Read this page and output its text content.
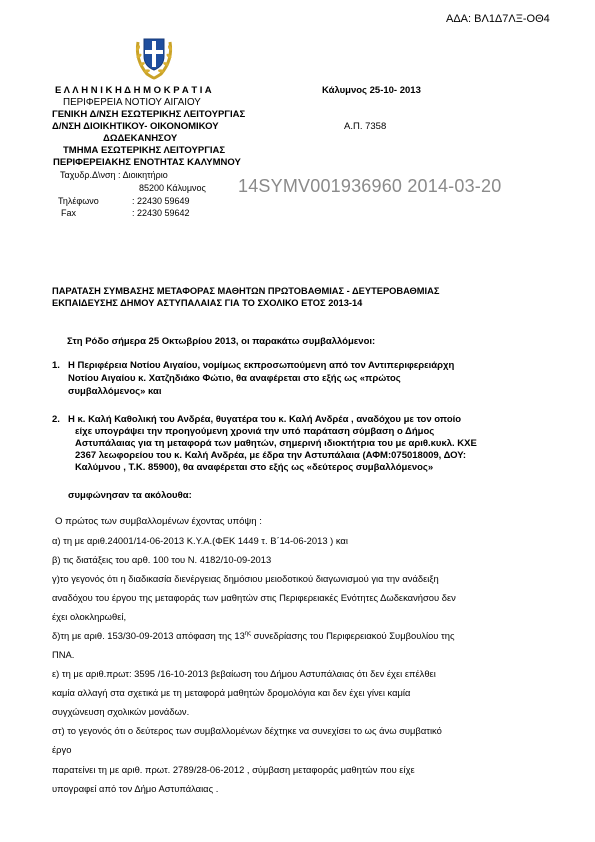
ΑΔΑ: ΒΛ1Δ7ΛΞ-ΟΘ4
Ε Λ Λ Η Ν Ι Κ Η Δ Η Μ Ο Κ Ρ Α Τ Ι Α
ΠΕΡΙΦΕΡΕΙΑ ΝΟΤΙΟΥ ΑΙΓΑΙΟΥ
ΓΕΝΙΚΗ Δ/ΝΣΗ ΕΣΩΤΕΡΙΚΗΣ ΛΕΙΤΟΥΡΓΙΑΣ
Δ/ΝΣΗ ΔΙΟΙΚΗΤΙΚΟΥ- ΟΙΚΟΝΟΜΙΚΟΥ
ΔΩΔΕΚΑΝΗΣΟΥ
ΤΜΗΜΑ ΕΣΩΤΕΡΙΚΗΣ ΛΕΙΤΟΥΡΓΙΑΣ
ΠΕΡΙΦΕΡΕΙΑΚΗΣ ΕΝΟΤΗΤΑΣ ΚΑΛΥΜΝΟΥ
Κάλυμνος 25-10- 2013
Α.Π. 7358
Ταχυδρ.Δ\νση : Διοικητήριο
85200 Κάλυμνος
Τηλέφωνο	: 22430 59649
Fax	: 22430 59642
14SYMV001936960 2014-03-20
ΠΑΡΑΤΑΣΗ ΣΥΜΒΑΣΗΣ ΜΕΤΑΦΟΡΑΣ ΜΑΘΗΤΩΝ ΠΡΩΤΟΒΑΘΜΙΑΣ - ΔΕΥΤΕΡΟΒΑΘΜΙΑΣ
ΕΚΠΑΙΔΕΥΣΗΣ ΔΗΜΟΥ ΑΣΤΥΠΑΛΑΙΑΣ ΓΙΑ ΤΟ ΣΧΟΛΙΚΟ ΕΤΟΣ 2013-14
Στη Ρόδο σήμερα 25 Οκτωβρίου 2013, οι παρακάτω συμβαλλόμενοι:
1. Η Περιφέρεια Νοτίου Αιγαίου, νομίμως εκπροσωπούμενη από τον Αντιπεριφερειάρχη
Νοτίου Αιγαίου κ. Χατζηδιάκο Φώτιο, θα αναφέρεται στο εξής ως «πρώτος
συμβαλλόμενος» και
2. Η κ. Καλή Καθολική του Ανδρέα, θυγατέρα του κ. Καλή Ανδρέα , αναδόχου με τον οποίο
είχε υπογράψει την προηγούμενη χρονιά την υπό παράταση σύμβαση ο Δήμος
Αστυπάλαιας για τη μεταφορά των μαθητών, σημερινή ιδιοκτήτρια του με αριθ.κυκλ. ΚΧΕ
2367 λεωφορείου του κ. Καλή Ανδρέα, με έδρα την Αστυπάλαια (ΑΦΜ:075018009, ΔΟΥ:
Καλύμνου , Τ.Κ. 85900), θα αναφέρεται στο εξής ως «δεύτερος συμβαλλόμενος»
συμφώνησαν τα ακόλουθα:
Ο πρώτος των συμβαλλομένων έχοντας υπόψη :
α) τη με αριθ.24001/14-06-2013 Κ.Υ.Α.(ΦΕΚ 1449 τ. Β΄14-06-2013 ) και
β) τις διατάξεις του αρθ. 100 του Ν. 4182/10-09-2013
γ)το γεγονός ότι η διαδικασία διενέργειας δημόσιου μειοδοτικού διαγωνισμού για την ανάδειξη
αναδόχου του έργου της μεταφοράς των μαθητών στις Περιφερειακές Ενότητες Δωδεκανήσου δεν
έχει ολοκληρωθεί,
δ)τη με αριθ. 153/30-09-2013 απόφαση της $13^{\eta\varsigma}$ συνεδρίασης του Περιφερειακού Συμβουλίου της
ΠΝΑ.
ε) τη με αριθ.πρωτ: 3595 /16-10-2013 βεβαίωση του Δήμου Αστυπάλαιας ότι δεν έχει επέλθει
καμία αλλαγή στα σχετικά με τη μεταφορά μαθητών δρομολόγια και δεν έχει γίνει καμία
συγχώνευση σχολικών μονάδων.
στ) το γεγονός ότι ο δεύτερος των συμβαλλομένων δέχτηκε να συνεχίσει το ως άνω συμβατικό
έργο
παρατείνει τη με αριθ. πρωτ. 2789/28-06-2012 , σύμβαση μεταφοράς μαθητών που είχε
υπογραφεί από τον Δήμο Αστυπάλαιας .
